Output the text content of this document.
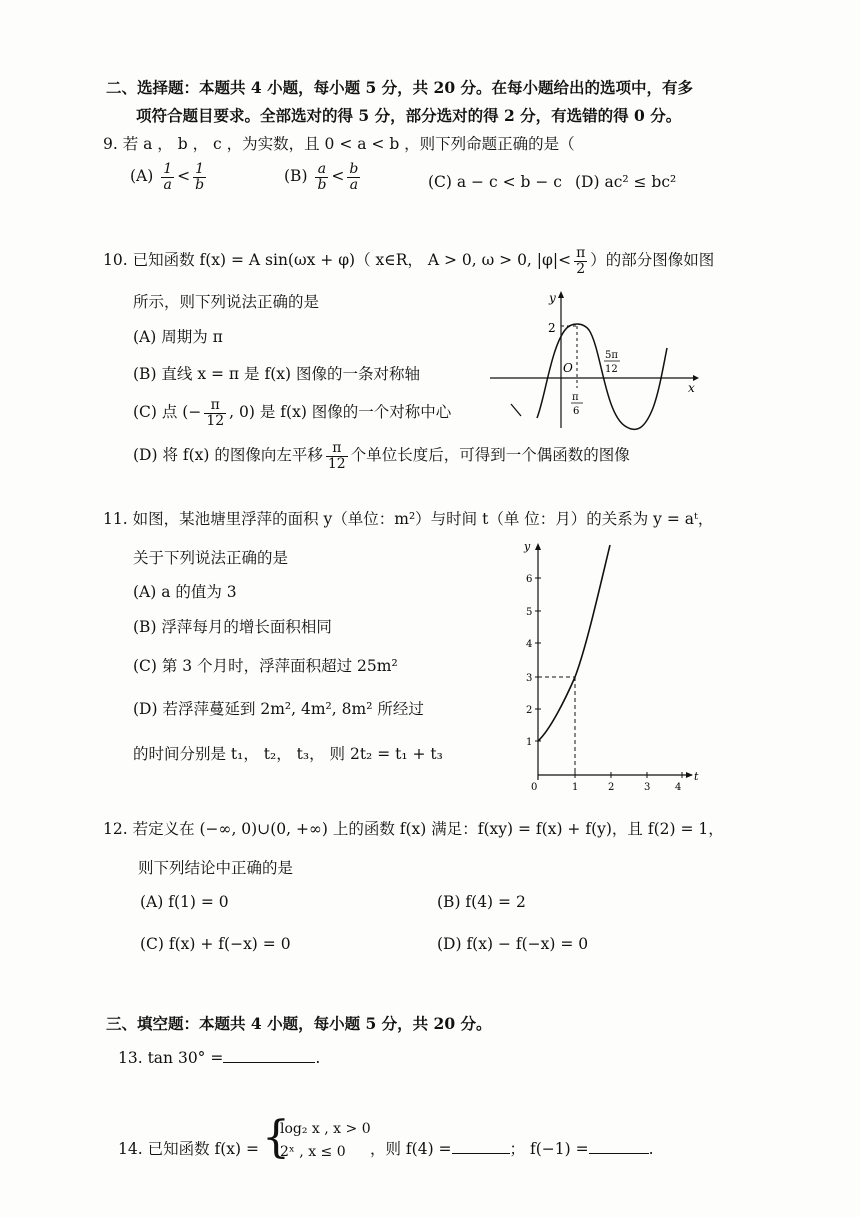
二、选择题：本题共 4 小题，每小题 5 分，共 20 分。在每小题给出的选项中，有多
项符合题目要求。全部选对的得 5 分，部分选对的得 2 分，有选错的得 0 分。
9. 若 a ， b ， c ，为实数，且 0 < a < b ，则下列命题正确的是（
$(A) \frac{1}{a} < \frac{1}{b}$	$(B) \frac{a}{b} < \frac{b}{a}$	(C) a − c < b − c (D) ac² ≤ bc²
10. 已知函数 f(x) = A sin(ωx + φ)（ x∈R， A > 0, ω > 0, $|\varphi|< \frac{\pi}{2}$ ）的部分图像如图
所示，则下列说法正确的是
(A) 周期为 π
(B) 直线 x = π 是 f(x) 图像的一条对称轴
(C) 点 (− $\frac{\pi}{12}$ , 0) 是 f(x) 图像的一个对称中心
(D) 将 f(x) 的图像向左平移 $\frac{\pi}{12}$ 个单位长度后，可得到一个偶函数的图像
y
x
O
2
π
6
5π
12
11. 如图，某池塘里浮萍的面积 y（单位：m²）与时间 t（单 位：月）的关系为 y = aᵗ，
关于下列说法正确的是
(A) a 的值为 3
(B) 浮萍每月的增长面积相同
(C) 第 3 个月时，浮萍面积超过 25m²
(D) 若浮萍蔓延到 2m², 4m², 8m² 所经过
的时间分别是 t₁， t₂， t₃， 则 2t₂ = t₁ + t₃
y
t
1
2
3
4
5
6
0	1	2	3 4
12. 若定义在 (−∞, 0)∪(0, +∞) 上的函数 f(x) 满足：f(xy) = f(x) + f(y)，且 f(2) = 1，
则下列结论中正确的是
(A) f(1) = 0	(B) f(4) = 2
(C) f(x) + f(−x) = 0	(D) f(x) − f(−x) = 0
三、填空题：本题共 4 小题，每小题 5 分，共 20 分。
13. tan 30° =	.
14. 已知函数 f(x) = {
log₂ x , x > 0
2ˣ , x ≤ 0 ，则 f(4) =	； f(−1) =	.
